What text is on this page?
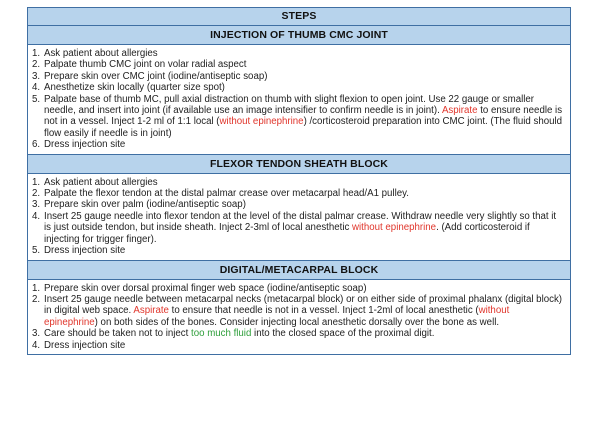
STEPS
INJECTION OF THUMB CMC JOINT
1. Ask patient about allergies
2. Palpate thumb CMC joint on volar radial aspect
3. Prepare skin over CMC joint (iodine/antiseptic soap)
4. Anesthetize skin locally (quarter size spot)
5. Palpate base of thumb MC, pull axial distraction on thumb with slight flexion to open joint. Use 22 gauge or smaller needle, and insert into joint (if available use an image intensifier to confirm needle is in joint). Aspirate to ensure needle is not in a vessel. Inject 1-2 ml of 1:1 local (without epinephrine) /corticosteroid preparation into CMC joint. (The fluid should flow easily if needle is in joint)
6. Dress injection site
FLEXOR TENDON SHEATH BLOCK
1. Ask patient about allergies
2. Palpate the flexor tendon at the distal palmar crease over metacarpal head/A1 pulley.
3. Prepare skin over palm (iodine/antiseptic soap)
4. Insert 25 gauge needle into flexor tendon at the level of the distal palmar crease. Withdraw needle very slightly so that it is just outside tendon, but inside sheath. Inject 2-3ml of local anesthetic without epinephrine. (Add corticosteroid if injecting for trigger finger).
5. Dress injection site
DIGITAL/METACARPAL BLOCK
1. Prepare skin over dorsal proximal finger web space (iodine/antiseptic soap)
2. Insert 25 gauge needle between metacarpal necks (metacarpal block) or on either side of proximal phalanx (digital block) in digital web space. Aspirate to ensure that needle is not in a vessel. Inject 1-2ml of local anesthetic (without epinephrine) on both sides of the bones. Consider injecting local anesthetic dorsally over the bone as well.
3. Care should be taken not to inject too much fluid into the closed space of the proximal digit.
4. Dress injection site
